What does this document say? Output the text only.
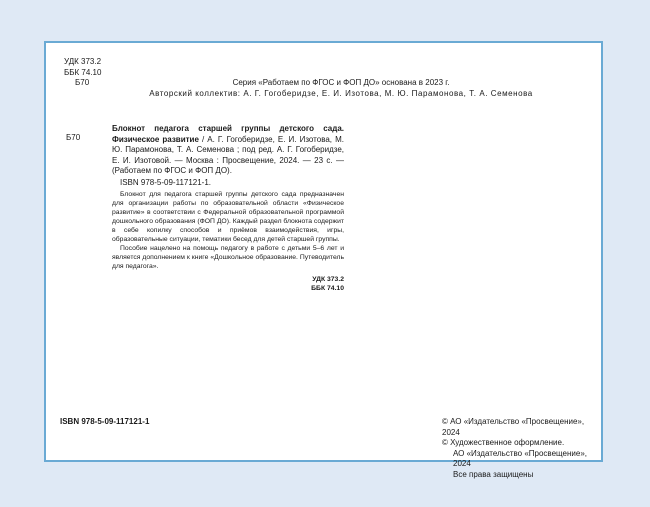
УДК 373.2
ББК 74.10
Б70	Серия «Работаем по ФГОС и ФОП ДО» основана в 2023 г.
Авторский коллектив: А. Г. Гогоберидзе, Е. И. Изотова, М. Ю. Парамонова, Т. А. Семенова
Б70
Блокнот педагога старшей группы детского сада. Физическое развитие / А. Г. Гогоберидзе, Е. И. Изотова, М. Ю. Парамонова, Т. А. Семенова ; под ред. А. Г. Гогоберидзе, Е. И. Изотовой. — Москва : Просвещение, 2024. — 23 с. — (Работаем по ФГОС и ФОП ДО).
ISBN 978-5-09-117121-1.

Блокнот для педагога старшей группы детского сада предназначен для организации работы по образовательной области «Физическое развитие» в соответствии с Федеральной образовательной программой дошкольного образования (ФОП ДО). Каждый раздел блокнота содержит в себе копилку способов и приёмов взаимодействия, игры, образовательные ситуации, тематики бесед для детей старшей группы.

Пособие нацелено на помощь педагогу в работе с детьми 5–6 лет и является дополнением к книге «Дошкольное образование. Путеводитель для педагога».

УДК 373.2
ББК 74.10
ISBN 978-5-09-117121-1	© АО «Издательство «Просвещение», 2024
© Художественное оформление.
АО «Издательство «Просвещение», 2024
Все права защищены
